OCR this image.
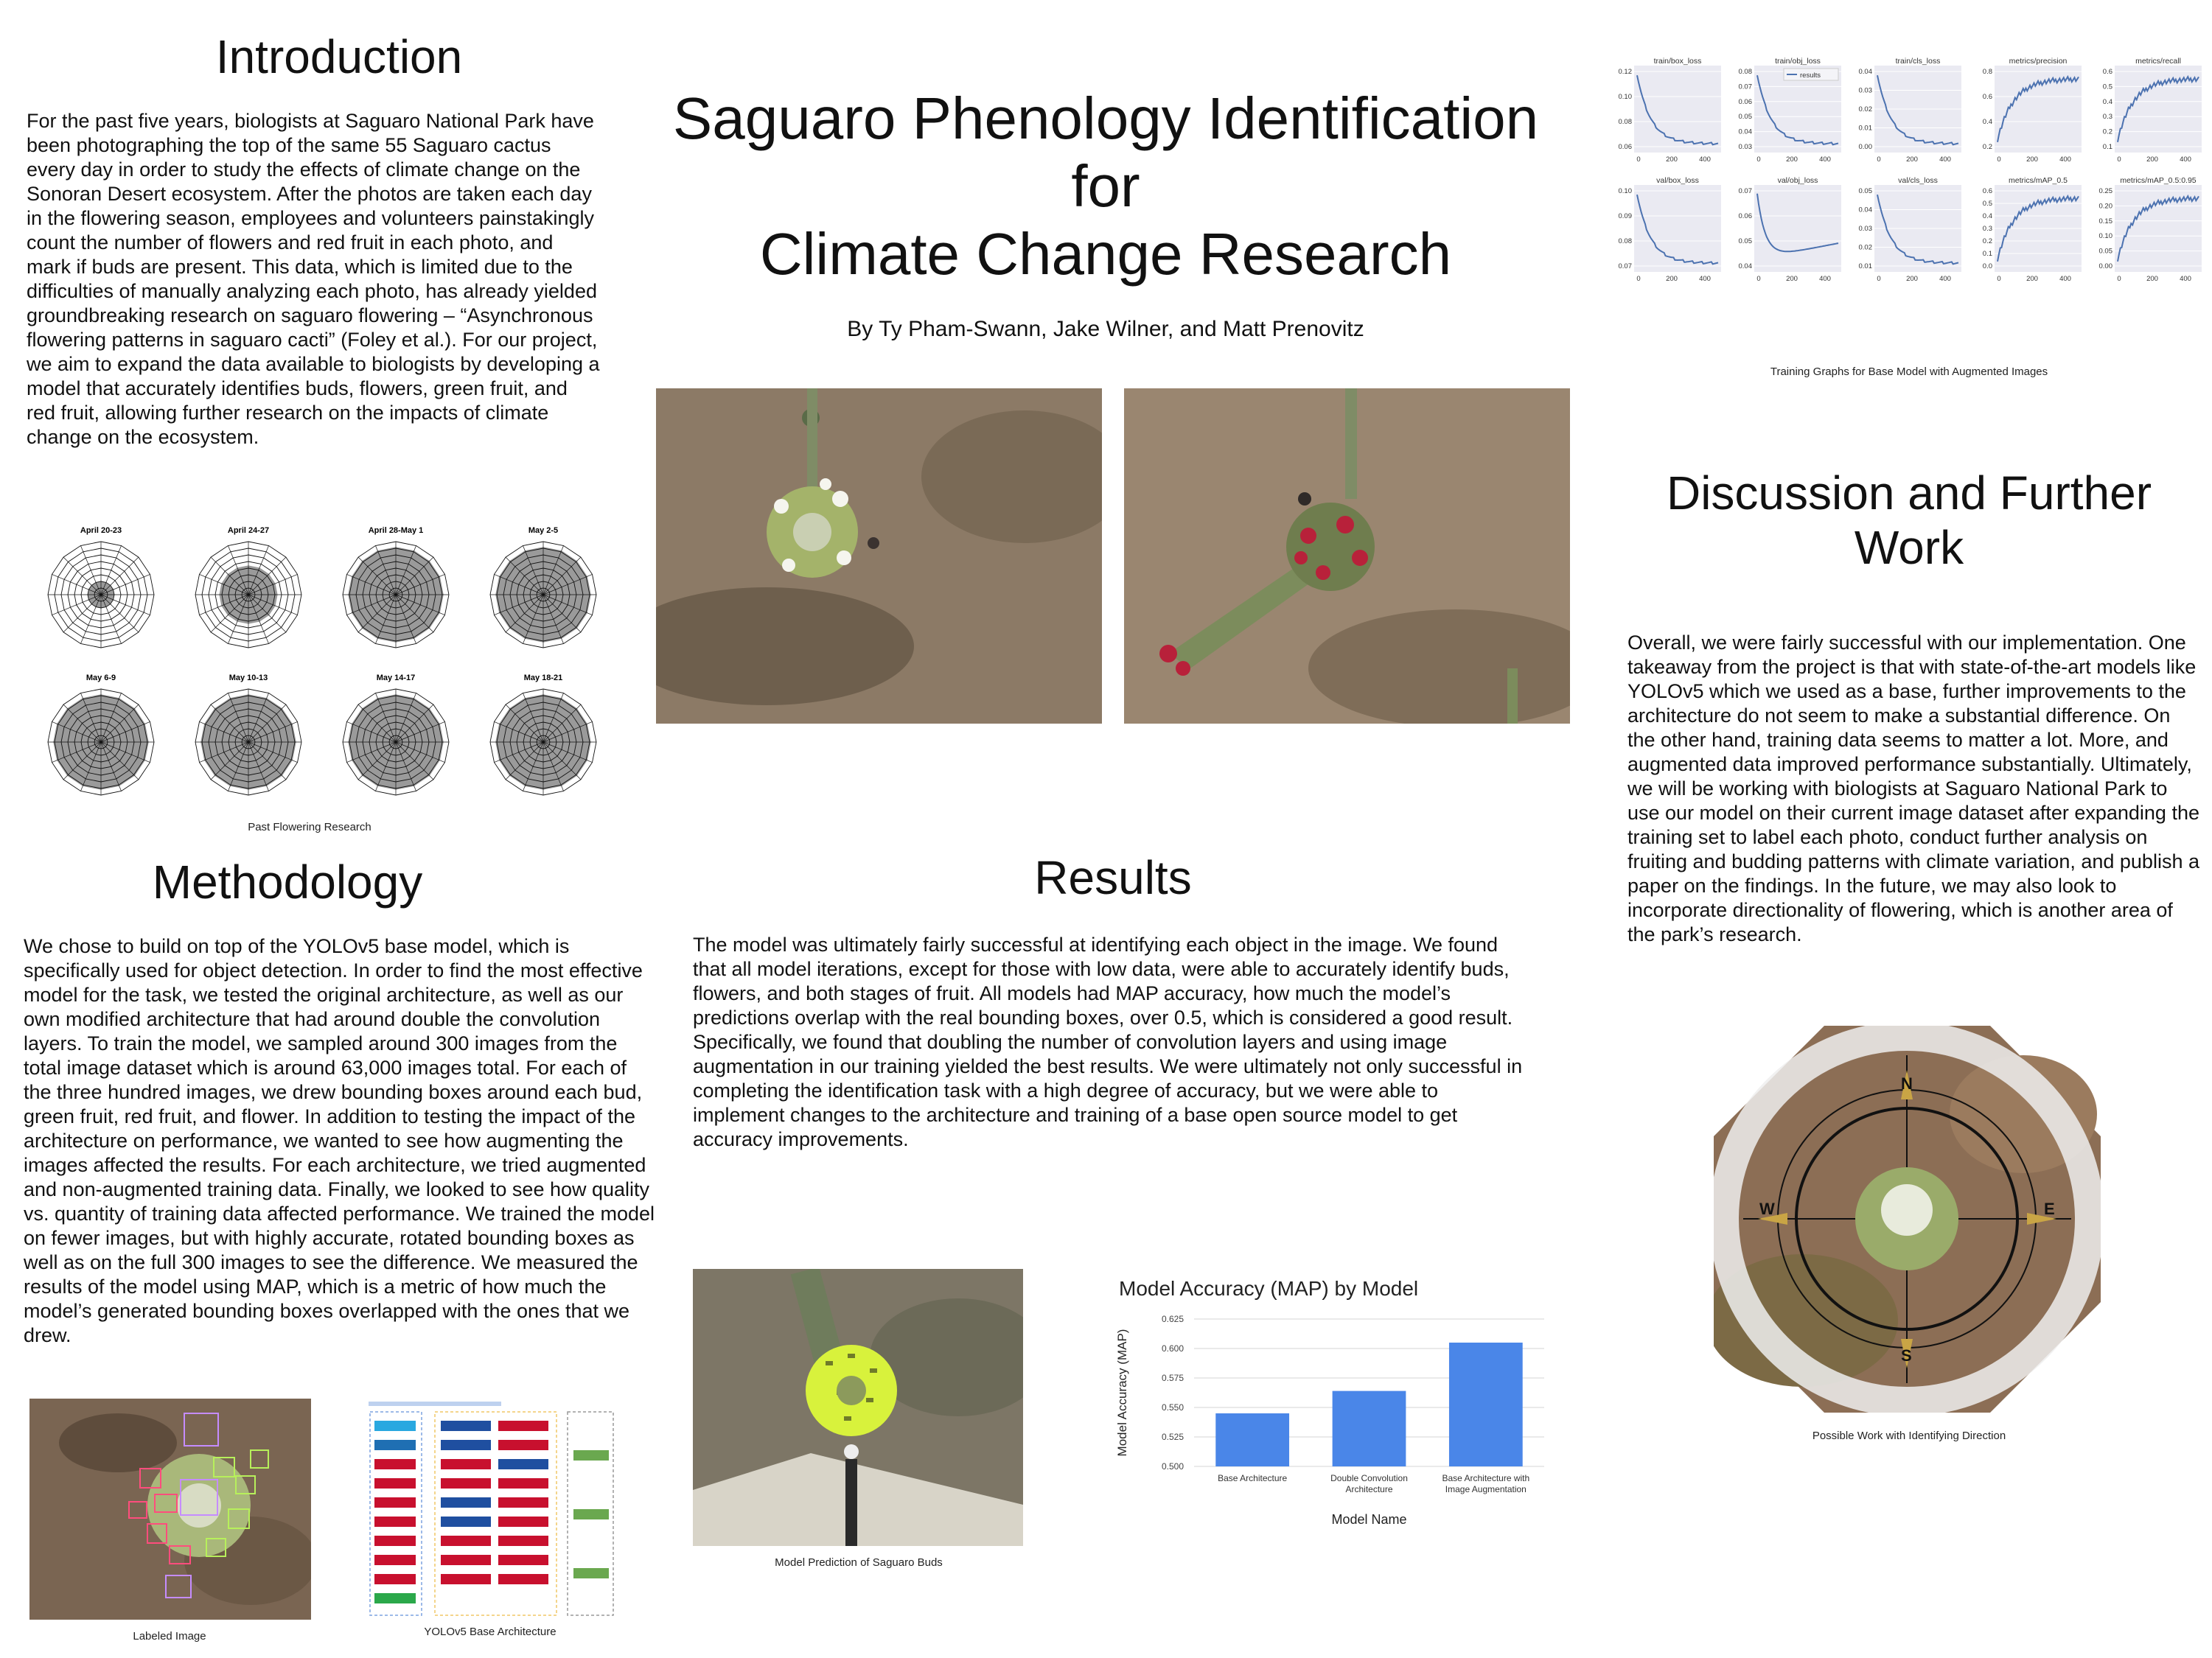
Introduction
For the past five years, biologists at Saguaro National Park have been photographing the top of the same 55 Saguaro cactus every day in order to study the effects of climate change on the Sonoran Desert ecosystem. After the photos are taken each day in the flowering season, employees and volunteers painstakingly count the number of flowers and red fruit in each photo, and mark if buds are present. This data, which is limited due to the difficulties of manually analyzing each photo, has already yielded groundbreaking research on saguaro flowering – “Asynchronous flowering patterns in saguaro cacti” (Foley et al.). For our project, we aim to expand the data available to biologists by developing a model that accurately identifies buds, flowers, green fruit, and red fruit, allowing further research on the impacts of climate change on the ecosystem.
April 20-23	April 24-27	April 28-May 1	May 2-5
May 6-9	May 10-13	May 14-17	May 18-21
Past Flowering Research
Methodology
We chose to build on top of the YOLOv5 base model, which is specifically used for object detection. In order to find the most effective model for the task, we tested the original architecture, as well as our own modified architecture that had around double the convolution layers. To train the model, we sampled around 300 images from the total image dataset which is around 63,000 images total. For each of the three hundred images, we drew bounding boxes around each bud, green fruit, red fruit, and flower. In addition to testing the impact of the architecture on performance, we wanted to see how augmenting the images affected the results. For each architecture, we tried augmented and non-augmented training data. Finally, we looked to see how quality vs. quantity of training data affected performance. We trained the model on fewer images, but with highly accurate, rotated bounding boxes as well as on the full 300 images to see the difference. We measured the results of the model using MAP, which is a metric of how much the model’s generated bounding boxes overlapped with the ones that we drew.
Labeled Image	YOLOv5 Base Architecture
Saguaro Phenology Identification
for
Climate Change Research
By Ty Pham-Swann, Jake Wilner, and Matt Prenovitz
Results
The model was ultimately fairly successful at identifying each object in the image. We found that all model iterations, except for those with low data, were able to accurately identify buds, flowers, and both stages of fruit. All models had MAP accuracy, how much the model’s predictions overlap with the real bounding boxes, over 0.5, which is considered a good result. Specifically, we found that doubling the number of convolution layers and using image augmentation in our training yielded the best results. We were ultimately not only successful in completing the identification task with a high degree of accuracy, but we were able to implement changes to the architecture and training of a base open source model to get accuracy improvements.
Model Prediction of Saguaro Buds
Model Accuracy (MAP) by Model
0.625
0.600
0.575
0.550
0.525
0.500
Model Accuracy (MAP)
Base Architecture	Double Convolution
Architecture
Base Architecture with
Image Augmentation
Model Name
train/box_loss
0.12
0.10
0.08
0.06
0	200	400
train/obj_loss
0.08
0.07
0.06
0.05
0.04
0.03
0	200	400
results
train/cls_loss
0.04
0.03
0.02
0.01
0.00
0	200	400
metrics/precision
0.8
0.6
0.4
0.2
0	200	400
metrics/recall
0.6
0.5
0.4
0.3
0.2
0.1
0	200	400
val/box_loss
0.10
0.09
0.08
0.07
0	200	400
val/obj_loss
0.07
0.06
0.05
0.04
0	200	400
val/cls_loss
0.05
0.04
0.03
0.02
0.01
0	200	400
metrics/mAP_0.5
0.6
0.5
0.4
0.3
0.2
0.1
0.0
0	200	400
metrics/mAP_0.5:0.95
0.25
0.20
0.15
0.10
0.05
0.00
0	200	400
Training Graphs for Base Model with Augmented Images
Discussion and Further
Work
Overall, we were fairly successful with our implementation. One takeaway from the project is that with state-of-the-art models like YOLOv5 which we used as a base, further improvements to the architecture do not seem to make a substantial difference. On the other hand, training data seems to matter a lot. More, and augmented data improved performance substantially. Ultimately, we will be working with biologists at Saguaro National Park to use our model on their current image dataset after expanding the training set to label each photo, conduct further analysis on fruiting and budding patterns with climate variation, and publish a paper on the findings. In the future, we may also look to incorporate directionality of flowering, which is another area of the park’s research.
N
S
W	E
Possible Work with Identifying Direction
